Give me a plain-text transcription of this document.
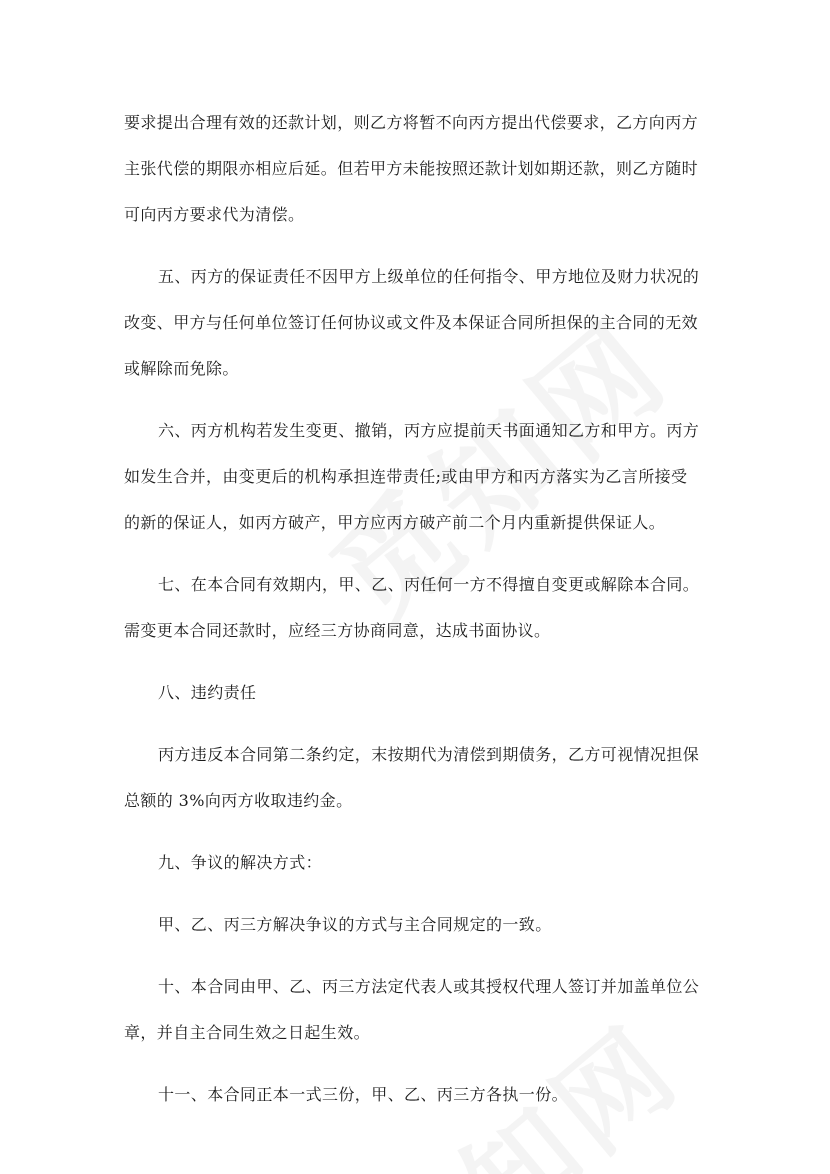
要求提出合理有效的还款计划，则乙方将暂不向丙方提出代偿要求，乙方向丙方
主张代偿的期限亦相应后延。但若甲方未能按照还款计划如期还款，则乙方随时
可向丙方要求代为清偿。

五、丙方的保证责任不因甲方上级单位的任何指令、甲方地位及财力状况的
改变、甲方与任何单位签订任何协议或文件及本保证合同所担保的主合同的无效
或解除而免除。

六、丙方机构若发生变更、撤销，丙方应提前天书面通知乙方和甲方。丙方
如发生合并，由变更后的机构承担连带责任;或由甲方和丙方落实为乙言所接受
的新的保证人，如丙方破产，甲方应丙方破产前二个月内重新提供保证人。

七、在本合同有效期内，甲、乙、丙任何一方不得擅自变更或解除本合同。
需变更本合同还款时，应经三方协商同意，达成书面协议。

八、违约责任

丙方违反本合同第二条约定，末按期代为清偿到期债务，乙方可视情况担保
总额的 3%向丙方收取违约金。

九、争议的解决方式：

甲、乙、丙三方解决争议的方式与主合同规定的一致。

十、本合同由甲、乙、丙三方法定代表人或其授权代理人签订并加盖单位公
章，并自主合同生效之日起生效。

十一、本合同正本一式三份，甲、乙、丙三方各执一份。
